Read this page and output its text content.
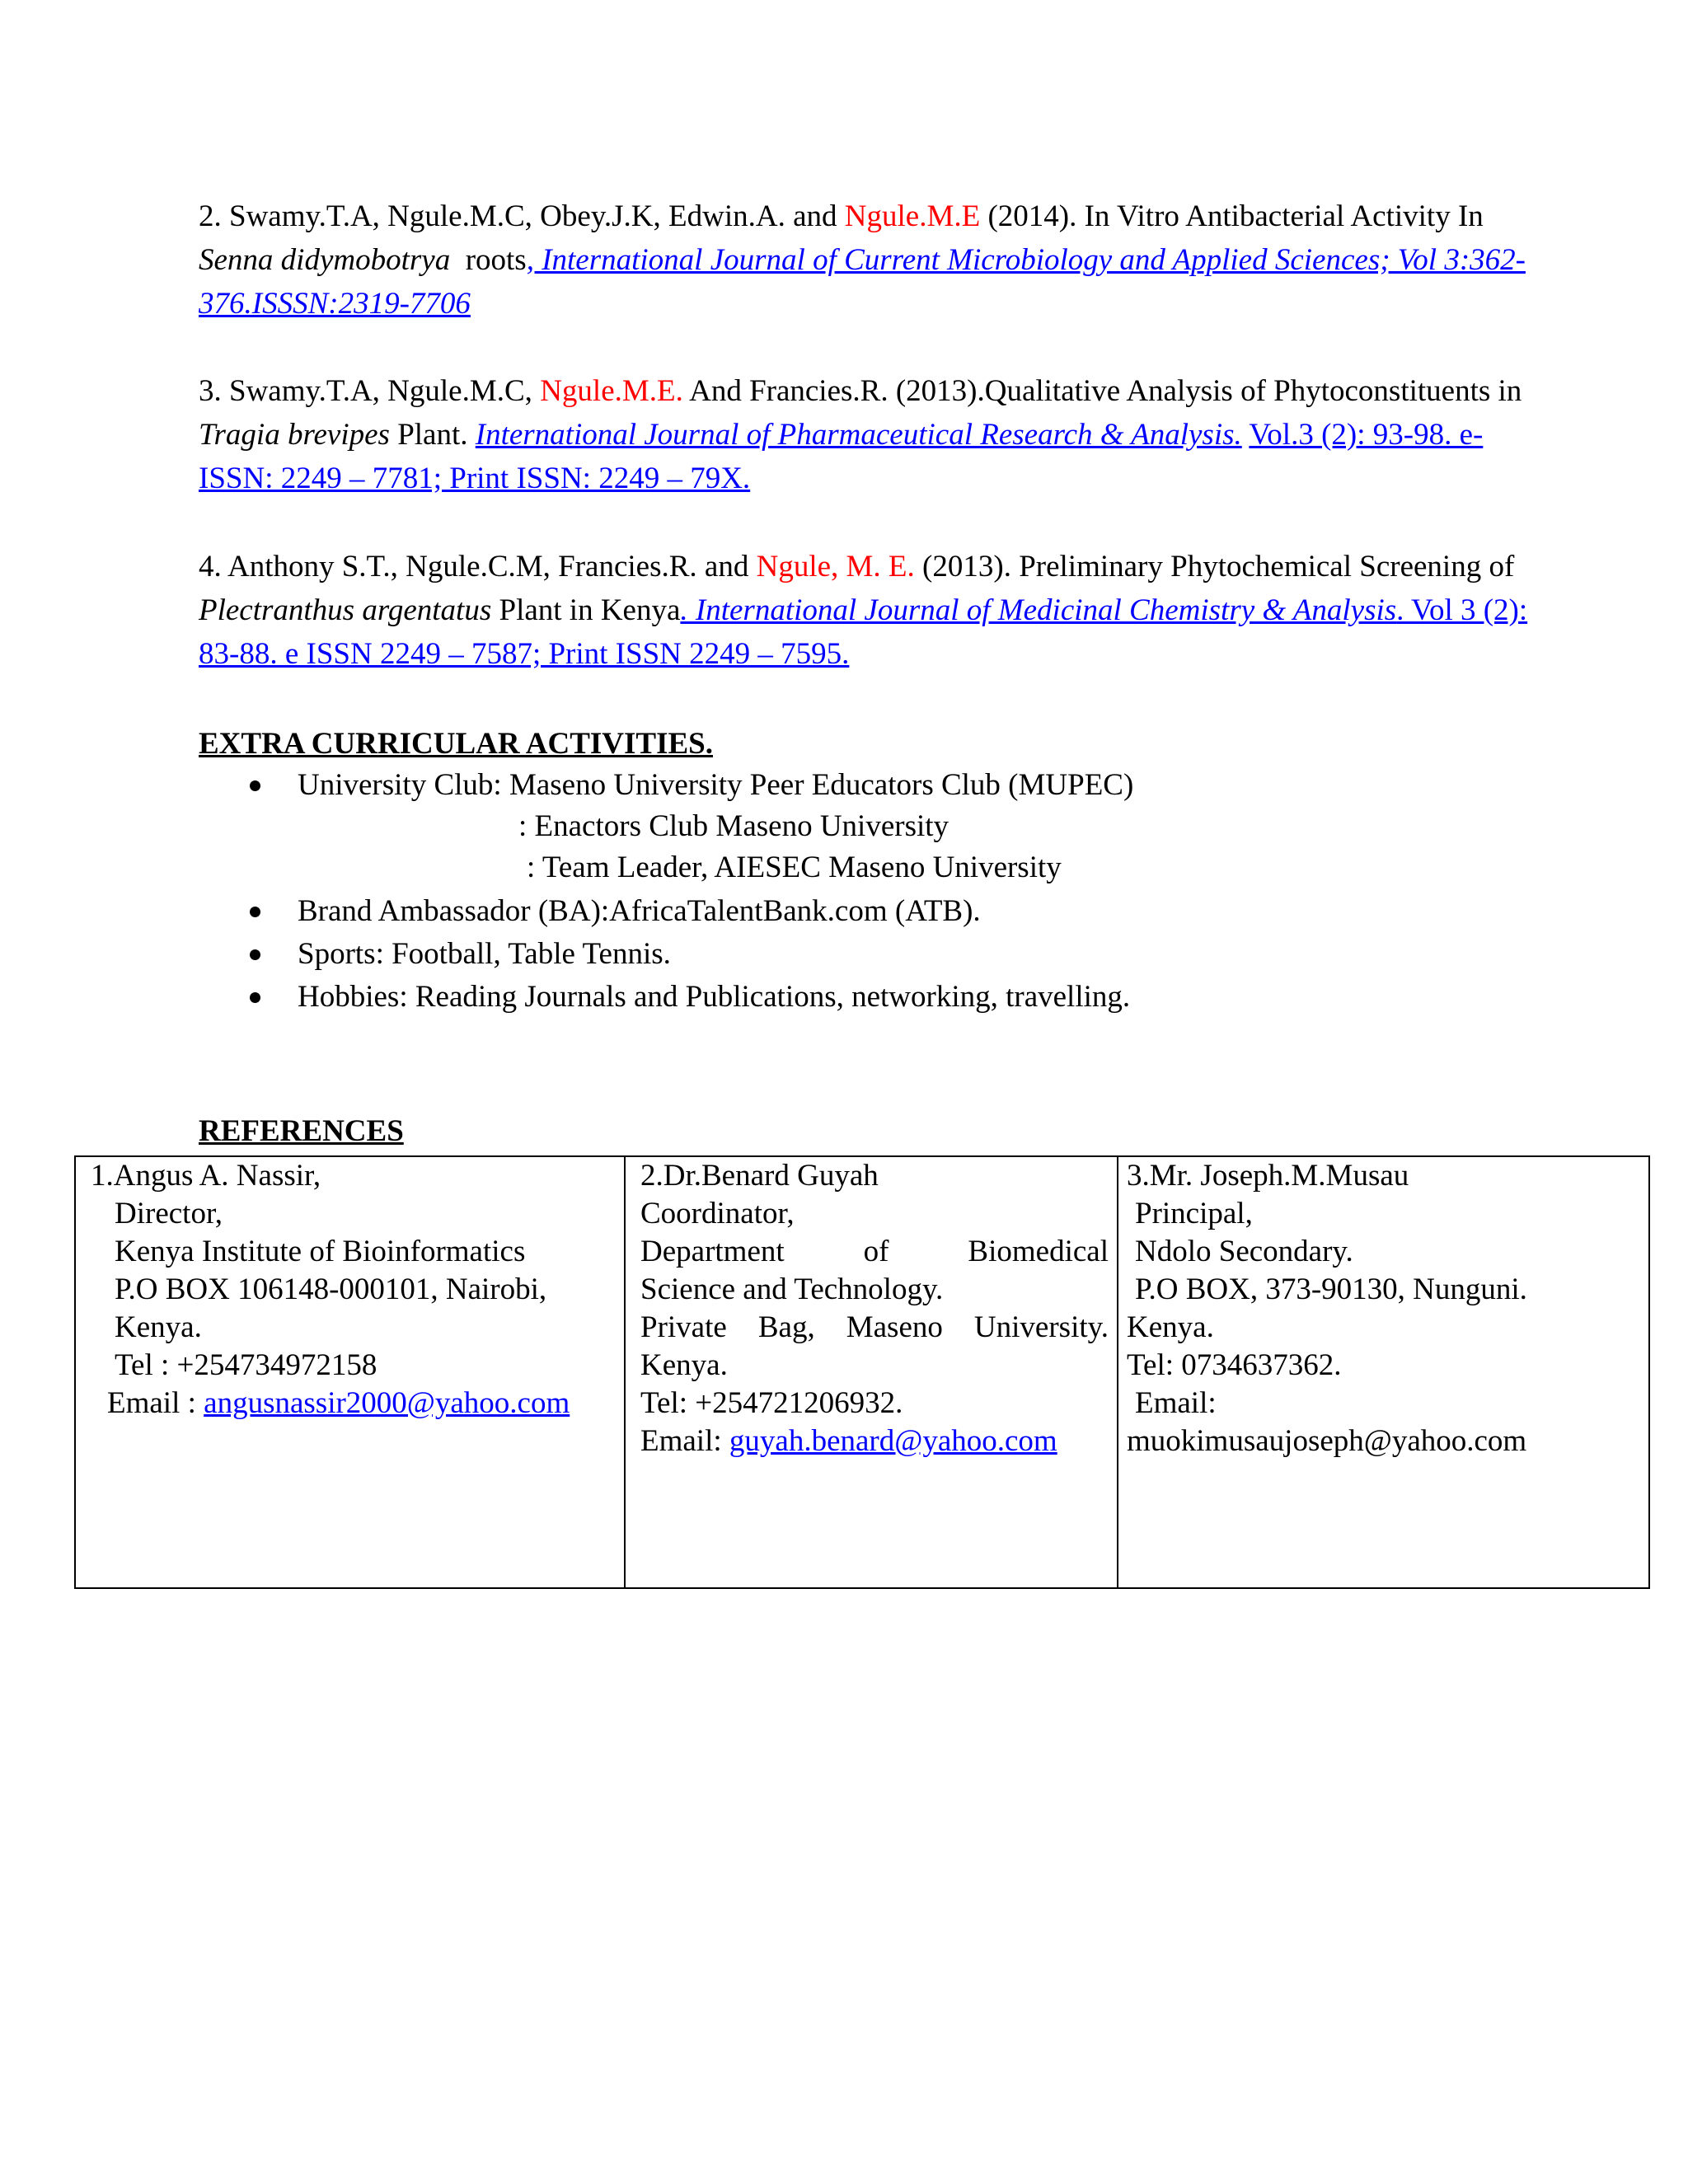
2. Swamy.T.A, Ngule.M.C, Obey.J.K, Edwin.A. and Ngule.M.E (2014). In Vitro Antibacterial Activity In Senna didymobotrya roots, International Journal of Current Microbiology and Applied Sciences; Vol 3:362-376.ISSSN:2319-7706
3. Swamy.T.A, Ngule.M.C, Ngule.M.E. And Francies.R. (2013).Qualitative Analysis of Phytoconstituents in Tragia brevipes Plant. International Journal of Pharmaceutical Research & Analysis. Vol.3 (2): 93-98. e-ISSN: 2249 – 7781; Print ISSN: 2249 – 79X.
4. Anthony S.T., Ngule.C.M, Francies.R. and Ngule, M. E. (2013). Preliminary Phytochemical Screening of Plectranthus argentatus Plant in Kenya. International Journal of Medicinal Chemistry & Analysis. Vol 3 (2): 83-88. e ISSN 2249 – 7587; Print ISSN 2249 – 7595.
EXTRA CURRICULAR ACTIVITIES.
University Club: Maseno University Peer Educators Club (MUPEC)
: Enactors Club Maseno University
: Team Leader, AIESEC Maseno University
Brand Ambassador (BA):AfricaTalentBank.com (ATB).
Sports: Football, Table Tennis.
Hobbies: Reading Journals and Publications, networking, travelling.
REFERENCES
1.Angus A. Nassir,
Director,
Kenya Institute of Bioinformatics
P.O BOX 106148-000101, Nairobi,
Kenya.
Tel : +254734972158
Email : angusnassir2000@yahoo.com
2.Dr.Benard Guyah
Coordinator,
Department	of	Biomedical
Science and Technology.
Private Bag, Maseno University.
Kenya.
Tel: +254721206932.
Email: guyah.benard@yahoo.com
3.Mr. Joseph.M.Musau
Principal,
Ndolo Secondary.
P.O BOX, 373-90130, Nunguni.
Kenya.
Tel: 0734637362.
Email:
muokimusaujoseph@yahoo.com
